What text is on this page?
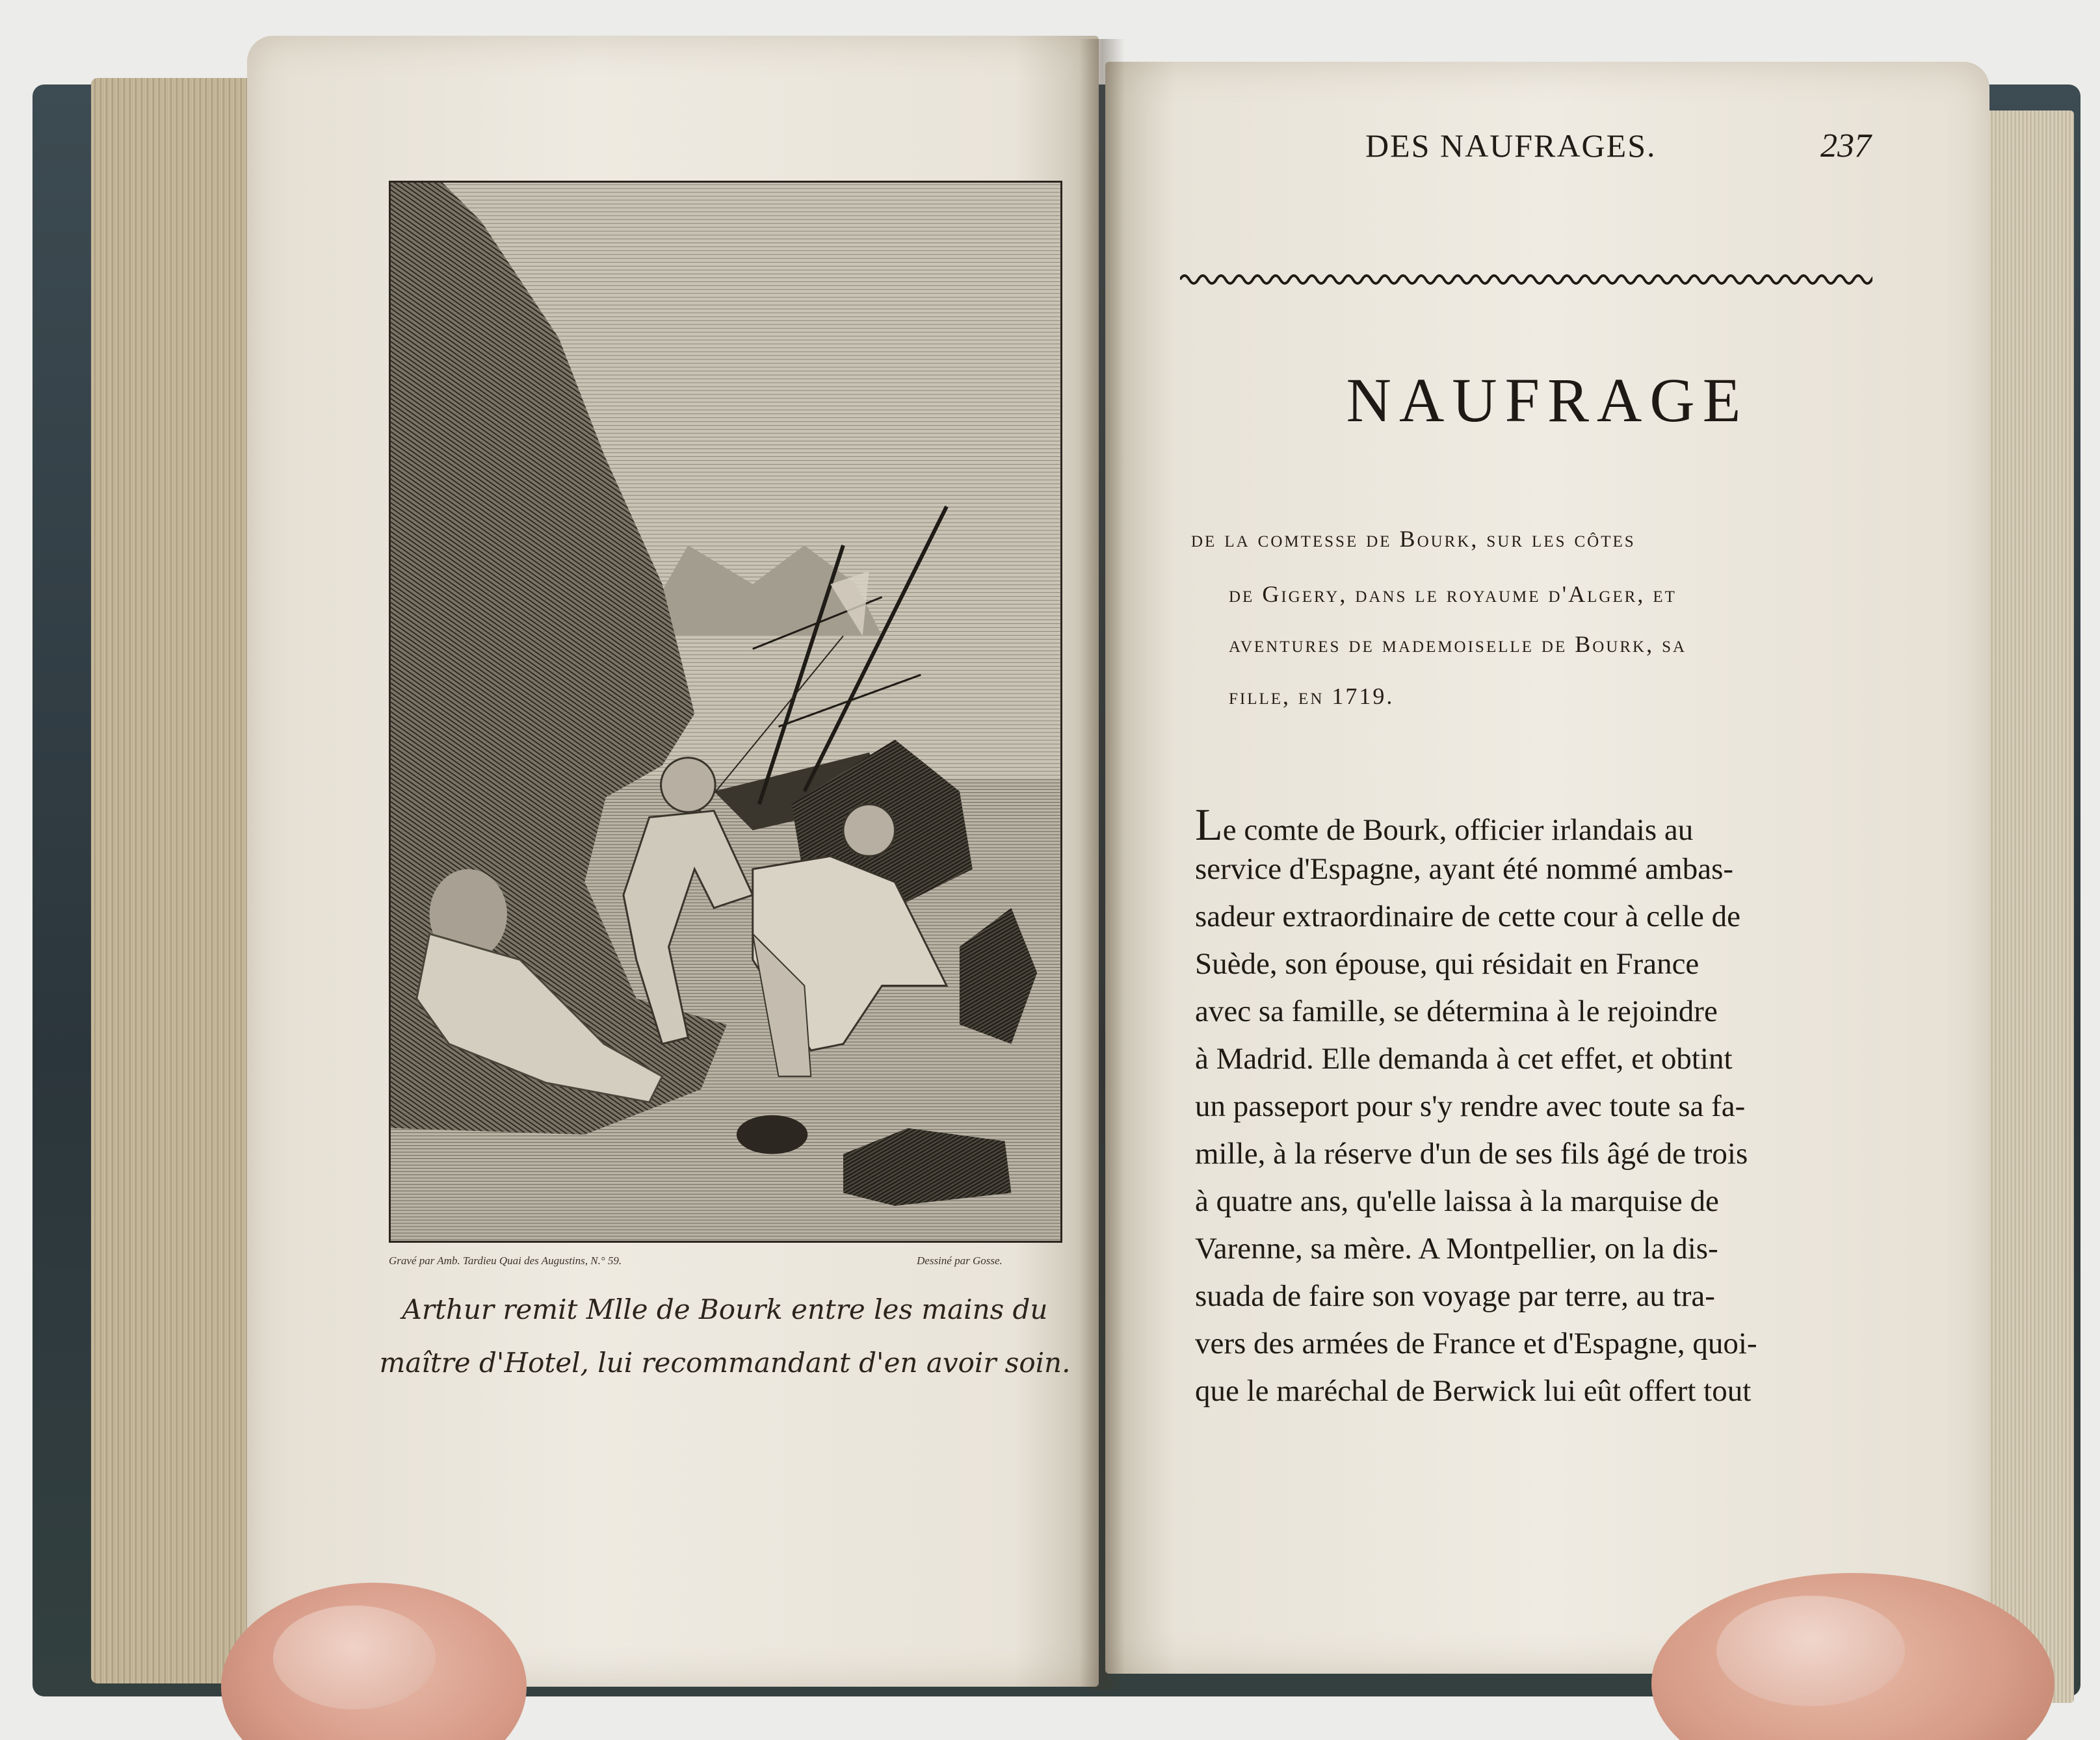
Gravé par Amb. Tardieu Quai des Augustins, N.° 59.	Dessiné par Gosse.
Arthur remit Mlle de Bourk entre les mains du
maître d'Hotel, lui recommandant d'en avoir soin.
DES NAUFRAGES.	237
NAUFRAGE
de la comtesse de Bourk, sur les côtes
de Gigery, dans le royaume d'Alger, et
aventures de mademoiselle de Bourk, sa
fille, en 1719.
Le comte de Bourk, officier irlandais au
service d'Espagne, ayant été nommé ambas-
sadeur extraordinaire de cette cour à celle de
Suède, son épouse, qui résidait en France
avec sa famille, se détermina à le rejoindre
à Madrid. Elle demanda à cet effet, et obtint
un passeport pour s'y rendre avec toute sa fa-
mille, à la réserve d'un de ses fils âgé de trois
à quatre ans, qu'elle laissa à la marquise de
Varenne, sa mère. A Montpellier, on la dis-
suada de faire son voyage par terre, au tra-
vers des armées de France et d'Espagne, quoi-
que le maréchal de Berwick lui eût offert tout
